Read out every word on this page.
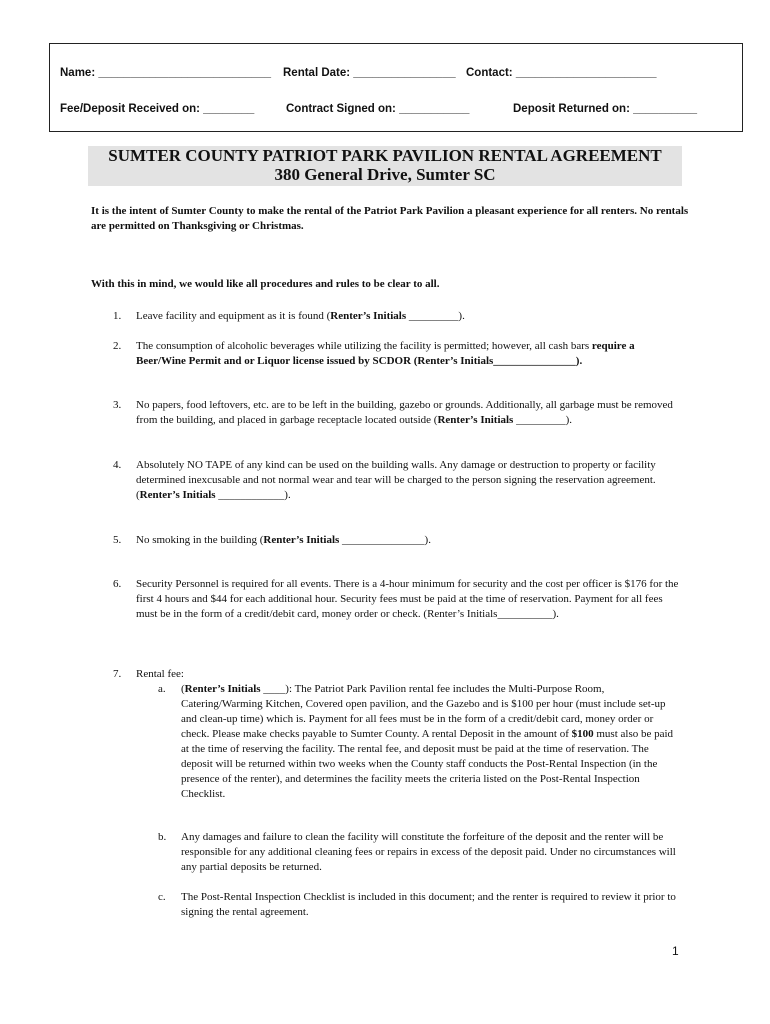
Name: ___________________________ Rental Date: ________________ Contact: ______________________
Fee/Deposit Received on: ________	Contract Signed on: ___________	Deposit Returned on: __________
SUMTER COUNTY PATRIOT PARK PAVILION RENTAL AGREEMENT
380 General Drive, Sumter SC
It is the intent of Sumter County to make the rental of the Patriot Park Pavilion a pleasant experience for all renters. No rentals are permitted on Thanksgiving or Christmas.
With this in mind, we would like all procedures and rules to be clear to all.
1. Leave facility and equipment as it is found (Renter’s Initials _________).
2. The consumption of alcoholic beverages while utilizing the facility is permitted; however, all cash bars require a Beer/Wine Permit and or Liquor license issued by SCDOR (Renter’s Initials_______________).
3. No papers, food leftovers, etc. are to be left in the building, gazebo or grounds. Additionally, all garbage must be removed from the building, and placed in garbage receptacle located outside (Renter’s Initials _________).
4. Absolutely NO TAPE of any kind can be used on the building walls. Any damage or destruction to property or facility determined inexcusable and not normal wear and tear will be charged to the person signing the reservation agreement. (Renter’s Initials ____________).
5. No smoking in the building (Renter’s Initials _______________).
6. Security Personnel is required for all events. There is a 4-hour minimum for security and the cost per officer is $176 for the first 4 hours and $44 for each additional hour. Security fees must be paid at the time of reservation. Payment for all fees must be in the form of a credit/debit card, money order or check. (Renter’s Initials__________).
7. Rental fee:
a. (Renter’s Initials ____): The Patriot Park Pavilion rental fee includes the Multi-Purpose Room, Catering/Warming Kitchen, Covered open pavilion, and the Gazebo and is $100 per hour (must include set-up and clean-up time) which is. Payment for all fees must be in the form of a credit/debit card, money order or check. Please make checks payable to Sumter County. A rental Deposit in the amount of $100 must also be paid at the time of reserving the facility. The rental fee, and deposit must be paid at the time of reservation. The deposit will be returned within two weeks when the County staff conducts the Post-Rental Inspection (in the presence of the renter), and determines the facility meets the criteria listed on the Post-Rental Inspection Checklist.
b. Any damages and failure to clean the facility will constitute the forfeiture of the deposit and the renter will be responsible for any additional cleaning fees or repairs in excess of the deposit paid. Under no circumstances will any partial deposits be returned.
c. The Post-Rental Inspection Checklist is included in this document; and the renter is required to review it prior to signing the rental agreement.
1
